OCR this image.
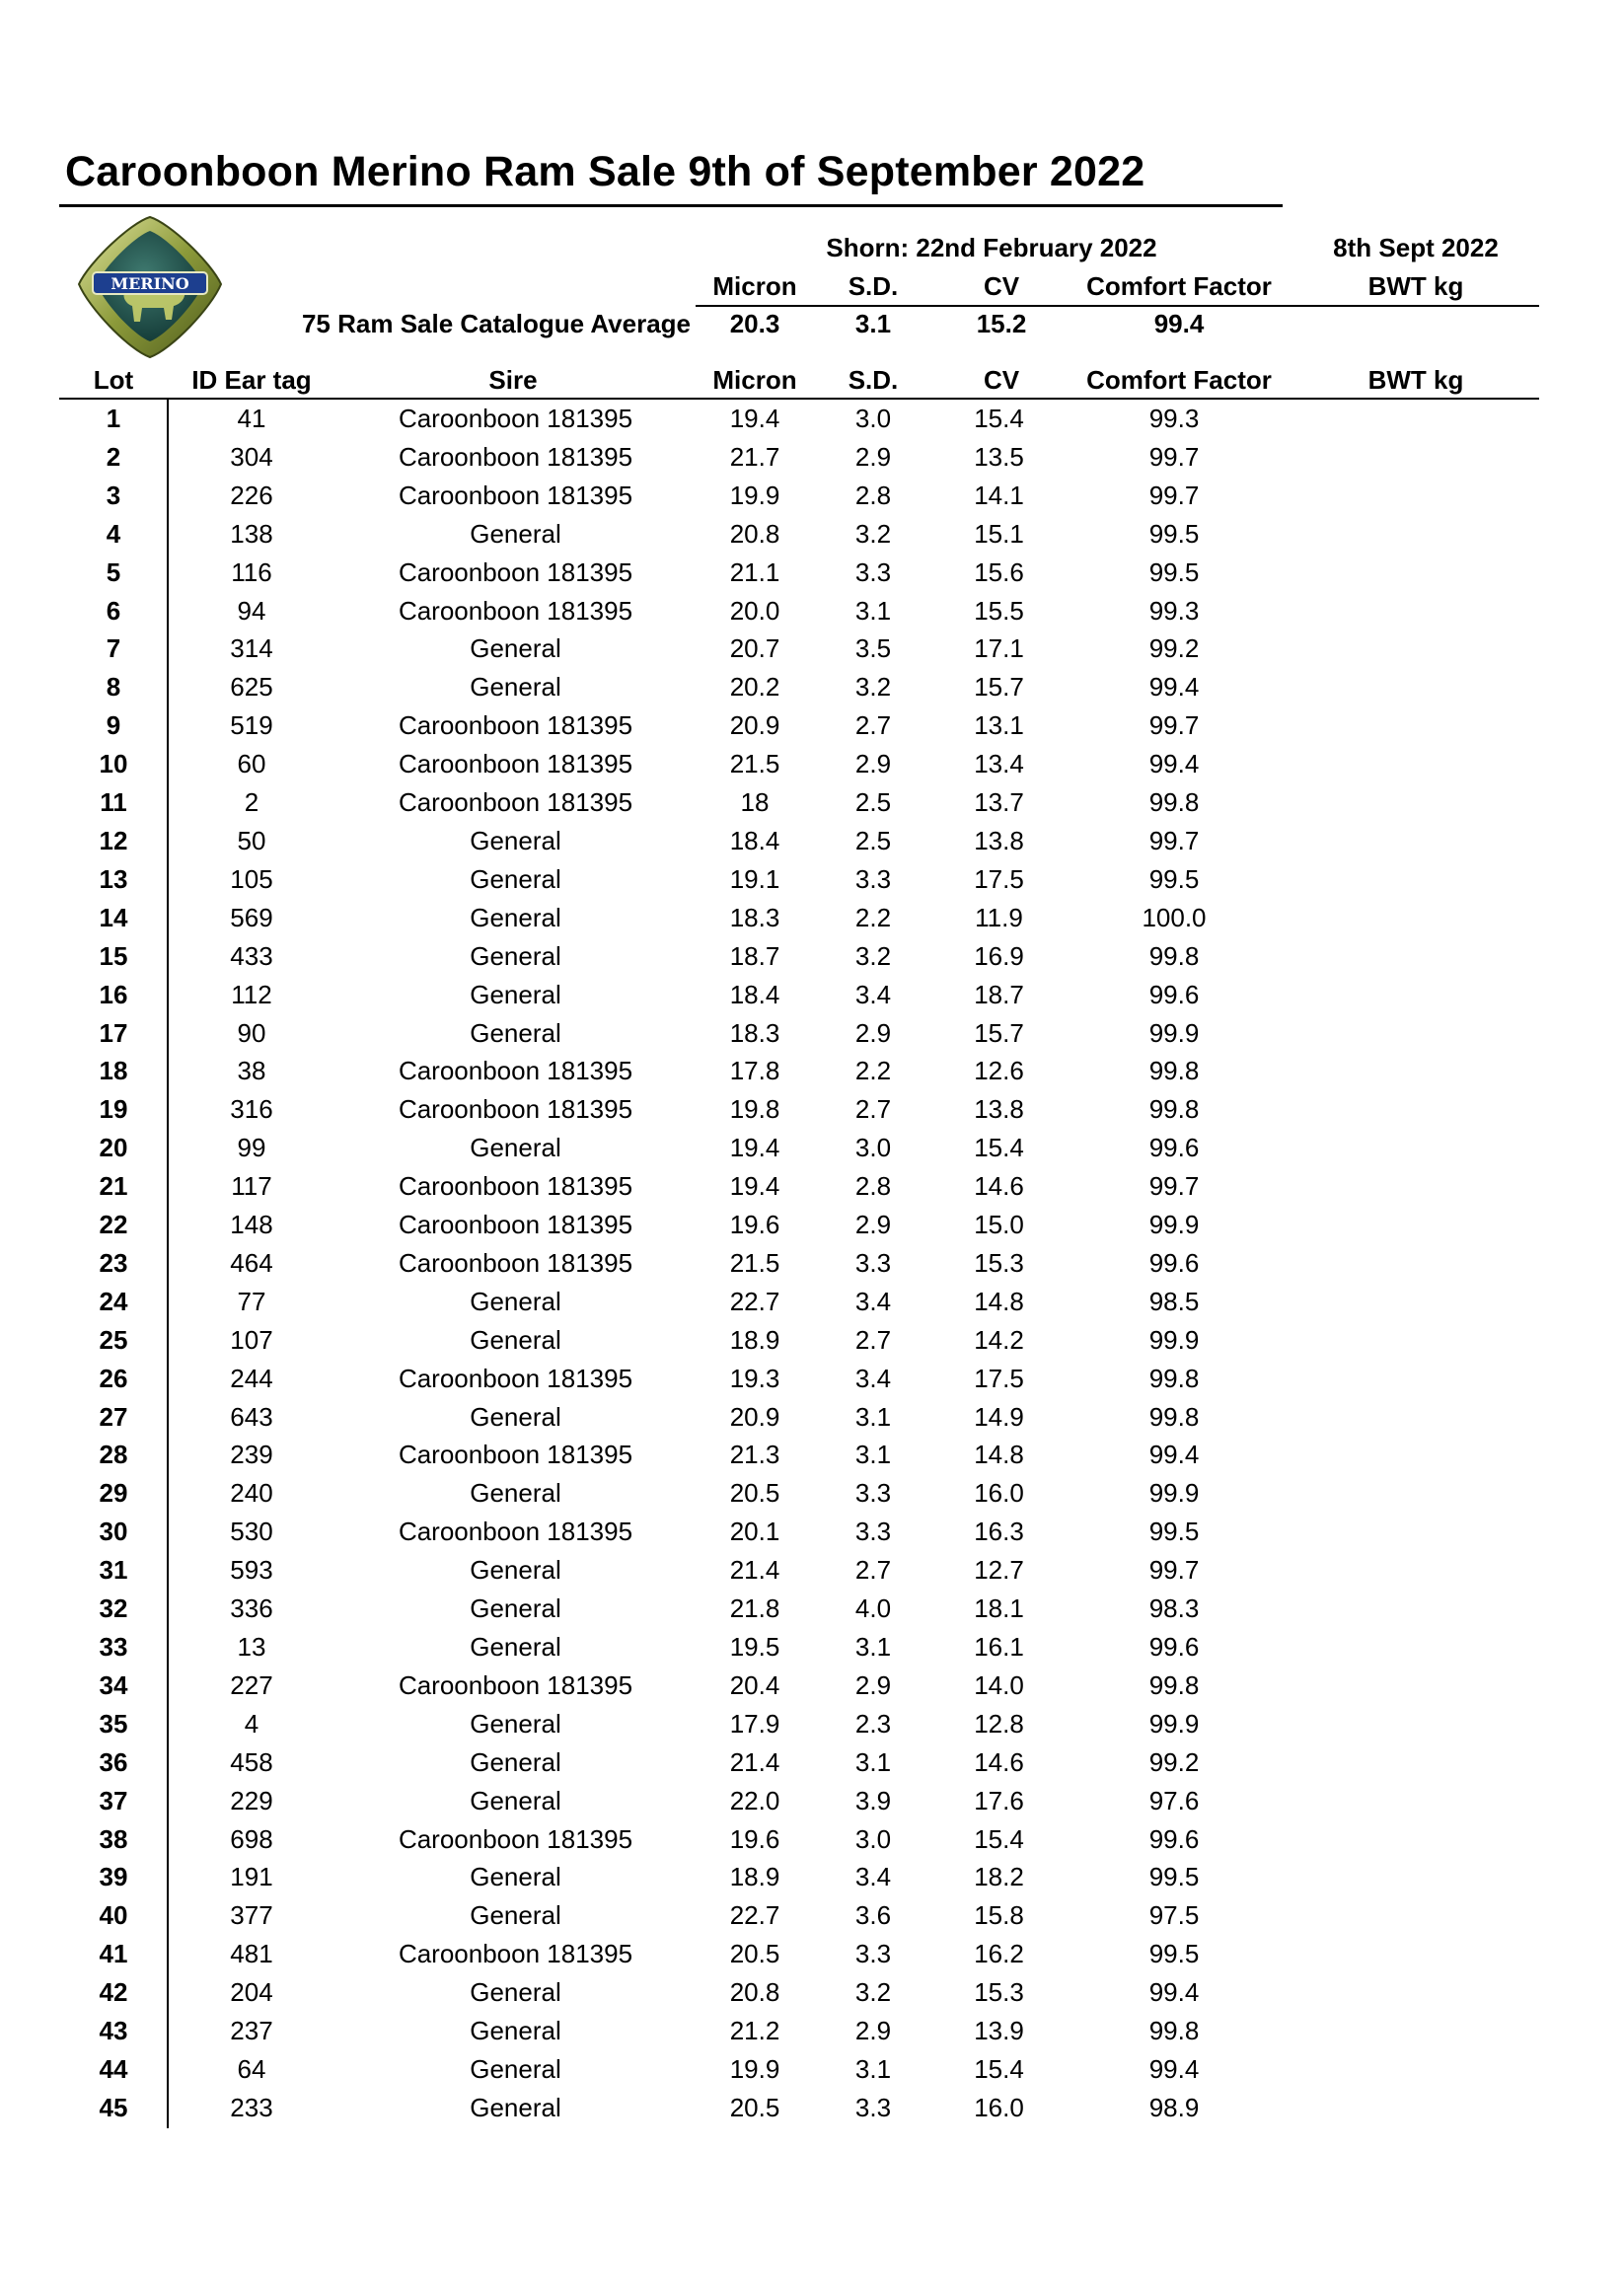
Caroonboon Merino Ram Sale 9th of September 2022
MERINO
Shorn: 22nd February 2022	8th Sept 2022
Micron	S.D.	CV	Comfort Factor	BWT kg
75 Ram Sale Catalogue Average	20.3	3.1	15.2	99.4
Lot	ID Ear tag	Sire	Micron	S.D.	CV	Comfort Factor	BWT kg
1	41	Caroonboon 181395	19.4	3.0	15.4	99.3
2	304	Caroonboon 181395	21.7	2.9	13.5	99.7
3	226	Caroonboon 181395	19.9	2.8	14.1	99.7
4	138	General	20.8	3.2	15.1	99.5
5	116	Caroonboon 181395	21.1	3.3	15.6	99.5
6	94	Caroonboon 181395	20.0	3.1	15.5	99.3
7	314	General	20.7	3.5	17.1	99.2
8	625	General	20.2	3.2	15.7	99.4
9	519	Caroonboon 181395	20.9	2.7	13.1	99.7
10	60	Caroonboon 181395	21.5	2.9	13.4	99.4
11	2	Caroonboon 181395	18	2.5	13.7	99.8
12	50	General	18.4	2.5	13.8	99.7
13	105	General	19.1	3.3	17.5	99.5
14	569	General	18.3	2.2	11.9	100.0
15	433	General	18.7	3.2	16.9	99.8
16	112	General	18.4	3.4	18.7	99.6
17	90	General	18.3	2.9	15.7	99.9
18	38	Caroonboon 181395	17.8	2.2	12.6	99.8
19	316	Caroonboon 181395	19.8	2.7	13.8	99.8
20	99	General	19.4	3.0	15.4	99.6
21	117	Caroonboon 181395	19.4	2.8	14.6	99.7
22	148	Caroonboon 181395	19.6	2.9	15.0	99.9
23	464	Caroonboon 181395	21.5	3.3	15.3	99.6
24	77	General	22.7	3.4	14.8	98.5
25	107	General	18.9	2.7	14.2	99.9
26	244	Caroonboon 181395	19.3	3.4	17.5	99.8
27	643	General	20.9	3.1	14.9	99.8
28	239	Caroonboon 181395	21.3	3.1	14.8	99.4
29	240	General	20.5	3.3	16.0	99.9
30	530	Caroonboon 181395	20.1	3.3	16.3	99.5
31	593	General	21.4	2.7	12.7	99.7
32	336	General	21.8	4.0	18.1	98.3
33	13	General	19.5	3.1	16.1	99.6
34	227	Caroonboon 181395	20.4	2.9	14.0	99.8
35	4	General	17.9	2.3	12.8	99.9
36	458	General	21.4	3.1	14.6	99.2
37	229	General	22.0	3.9	17.6	97.6
38	698	Caroonboon 181395	19.6	3.0	15.4	99.6
39	191	General	18.9	3.4	18.2	99.5
40	377	General	22.7	3.6	15.8	97.5
41	481	Caroonboon 181395	20.5	3.3	16.2	99.5
42	204	General	20.8	3.2	15.3	99.4
43	237	General	21.2	2.9	13.9	99.8
44	64	General	19.9	3.1	15.4	99.4
45	233	General	20.5	3.3	16.0	98.9
